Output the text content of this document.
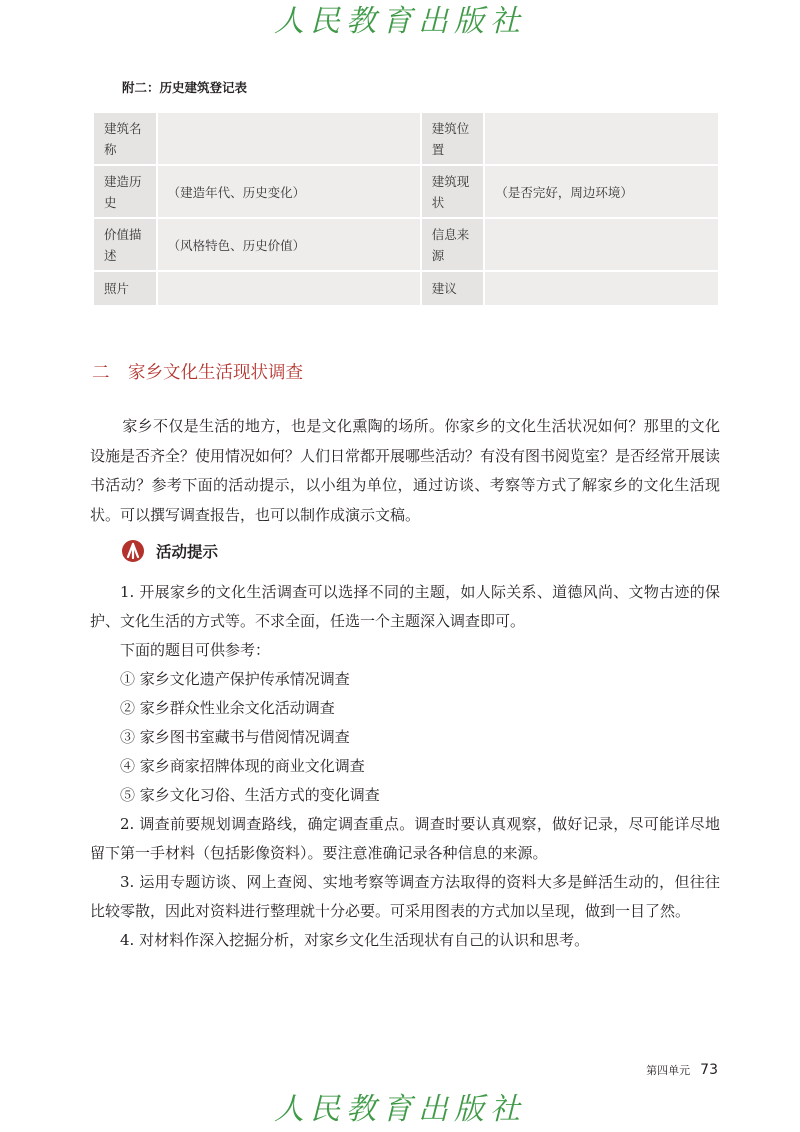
人民教育出版社
附二：历史建筑登记表
建筑名称		建筑位置	
建造历史	（建造年代、历史变化）	建筑现状	（是否完好，周边环境）
价值描述	（风格特色、历史价值）	信息来源	
照片		建议	
二 家乡文化生活现状调查

家乡不仅是生活的地方，也是文化熏陶的场所。你家乡的文化生活状况如何？那里的文化设施是否齐全？使用情况如何？人们日常都开展哪些活动？有没有图书阅览室？是否经常开展读书活动？参考下面的活动提示，以小组为单位，通过访谈、考察等方式了解家乡的文化生活现状。可以撰写调查报告，也可以制作成演示文稿。

活动提示

1. 开展家乡的文化生活调查可以选择不同的主题，如人际关系、道德风尚、文物古迹的保护、文化生活的方式等。不求全面，任选一个主题深入调查即可。

下面的题目可供参考：

① 家乡文化遗产保护传承情况调查

② 家乡群众性业余文化活动调查

③ 家乡图书室藏书与借阅情况调查

④ 家乡商家招牌体现的商业文化调查

⑤ 家乡文化习俗、生活方式的变化调查

2. 调查前要规划调查路线，确定调查重点。调查时要认真观察，做好记录，尽可能详尽地留下第一手材料（包括影像资料）。要注意准确记录各种信息的来源。

3. 运用专题访谈、网上查阅、实地考察等调查方法取得的资料大多是鲜活生动的，但往往比较零散，因此对资料进行整理就十分必要。可采用图表的方式加以呈现，做到一目了然。

4. 对材料作深入挖掘分析，对家乡文化生活现状有自己的认识和思考。

第四单元 73
人民教育出版社
